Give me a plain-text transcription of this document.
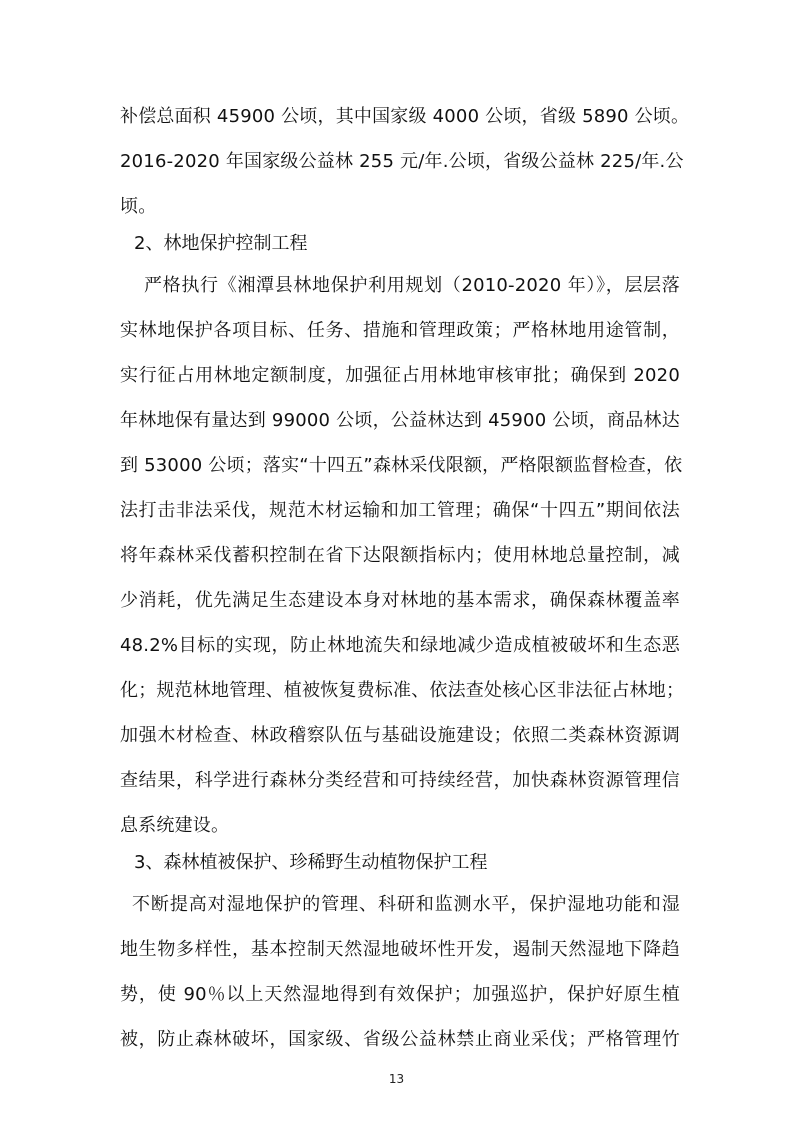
补偿总面积 45900 公顷，其中国家级 4000 公顷，省级 5890 公顷。
2016-2020 年国家级公益林 255 元/年.公顷，省级公益林 225/年.公
顷。
2、林地保护控制工程
严格执行《湘潭县林地保护利用规划（2010-2020 年）》，层层落
实林地保护各项目标、任务、措施和管理政策；严格林地用途管制，
实行征占用林地定额制度，加强征占用林地审核审批；确保到 2020
年林地保有量达到 99000 公顷，公益林达到 45900 公顷，商品林达
到 53000 公顷；落实“十四五”森林采伐限额，严格限额监督检查，依
法打击非法采伐，规范木材运输和加工管理；确保“十四五”期间依法
将年森林采伐蓄积控制在省下达限额指标内；使用林地总量控制，减
少消耗，优先满足生态建设本身对林地的基本需求，确保森林覆盖率
48.2%目标的实现，防止林地流失和绿地减少造成植被破坏和生态恶
化；规范林地管理、植被恢复费标准、依法查处核心区非法征占林地；
加强木材检查、林政稽察队伍与基础设施建设；依照二类森林资源调
查结果，科学进行森林分类经营和可持续经营，加快森林资源管理信
息系统建设。
3、森林植被保护、珍稀野生动植物保护工程
不断提高对湿地保护的管理、科研和监测水平，保护湿地功能和湿
地生物多样性，基本控制天然湿地破坏性开发，遏制天然湿地下降趋
势，使 90％以上天然湿地得到有效保护；加强巡护，保护好原生植
被，防止森林破坏，国家级、省级公益林禁止商业采伐；严格管理竹
13
